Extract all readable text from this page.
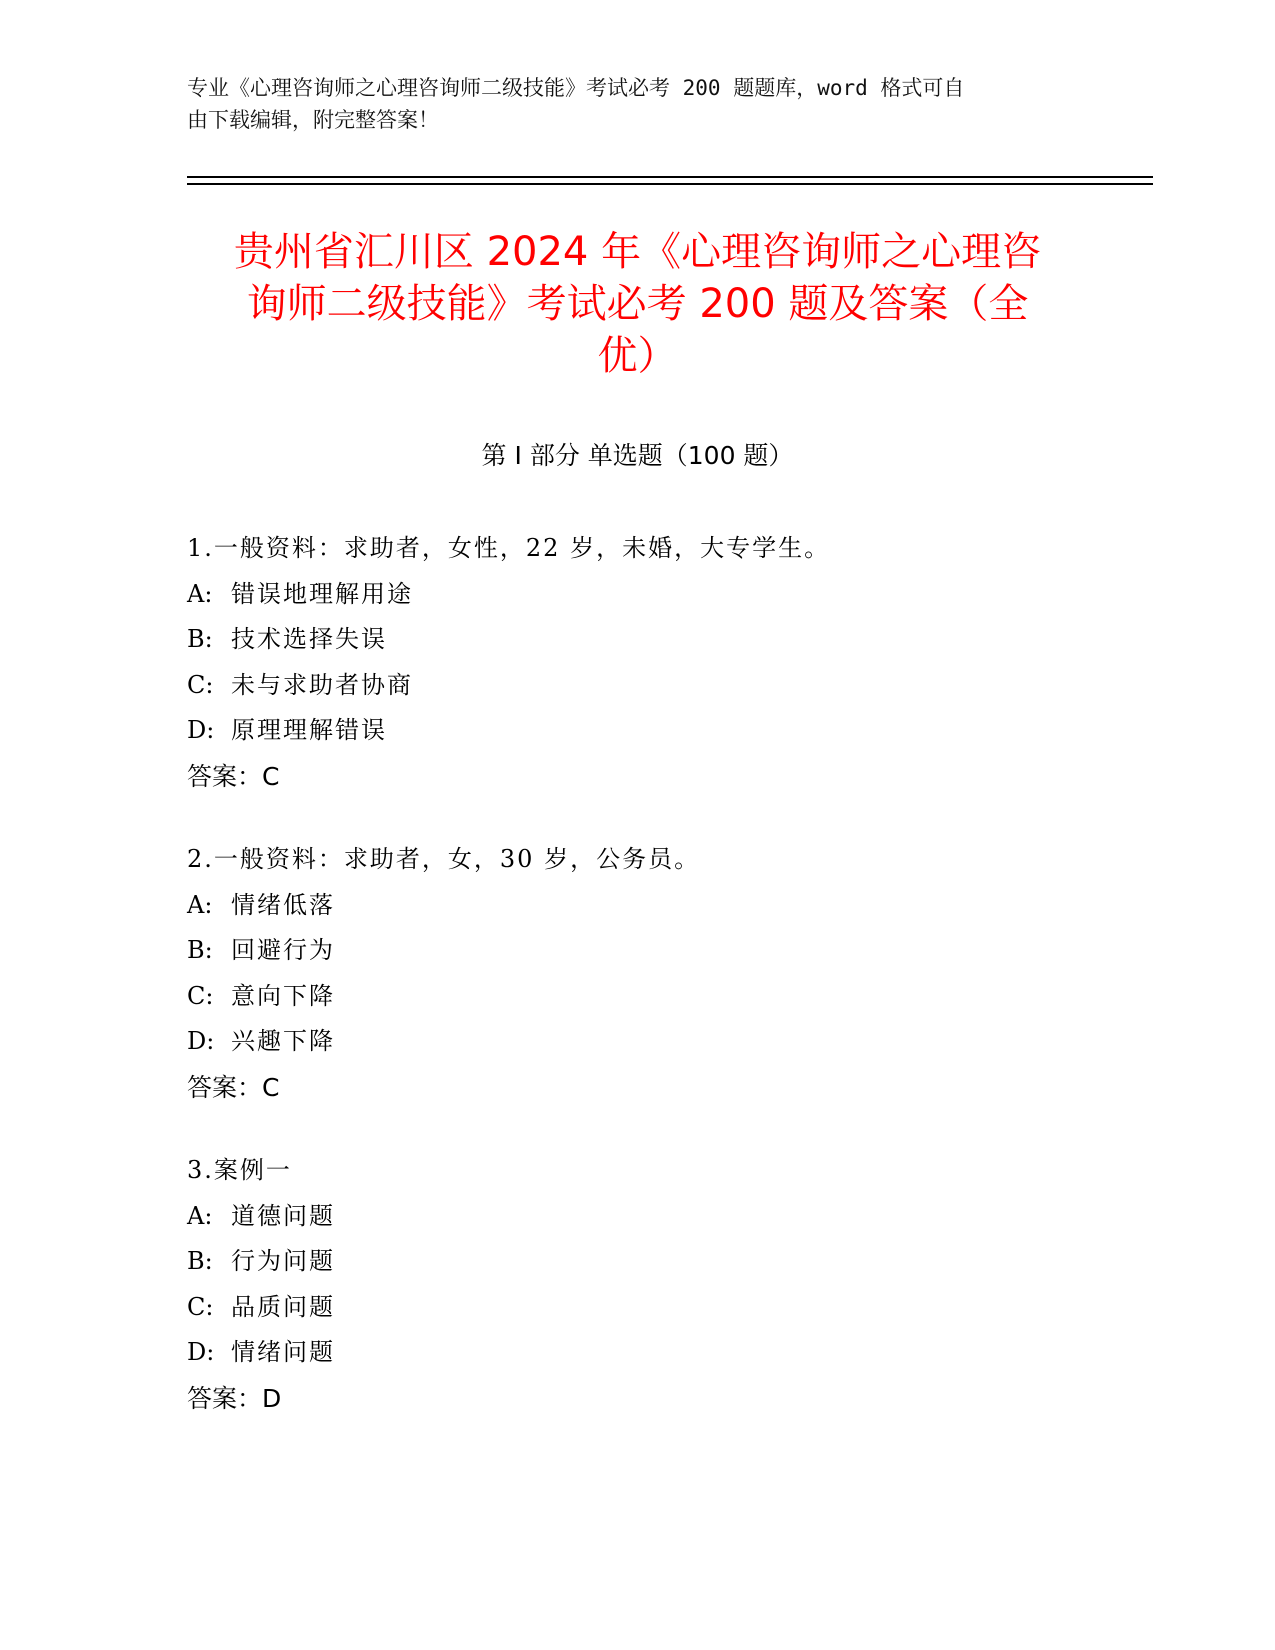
专业《心理咨询师之心理咨询师二级技能》考试必考 200 题题库，word 格式可自
由下载编辑，附完整答案！
贵州省汇川区 2024 年《心理咨询师之心理咨
询师二级技能》考试必考 200 题及答案（全
优）
第 I 部分 单选题（100 题）
1.一般资料：求助者，女性，22 岁，未婚，大专学生。
A: 错误地理解用途
B: 技术选择失误
C: 未与求助者协商
D: 原理理解错误
答案：C
2.一般资料：求助者，女，30 岁，公务员。
A: 情绪低落
B: 回避行为
C: 意向下降
D: 兴趣下降
答案：C
3.案例一
A: 道德问题
B: 行为问题
C: 品质问题
D: 情绪问题
答案：D
